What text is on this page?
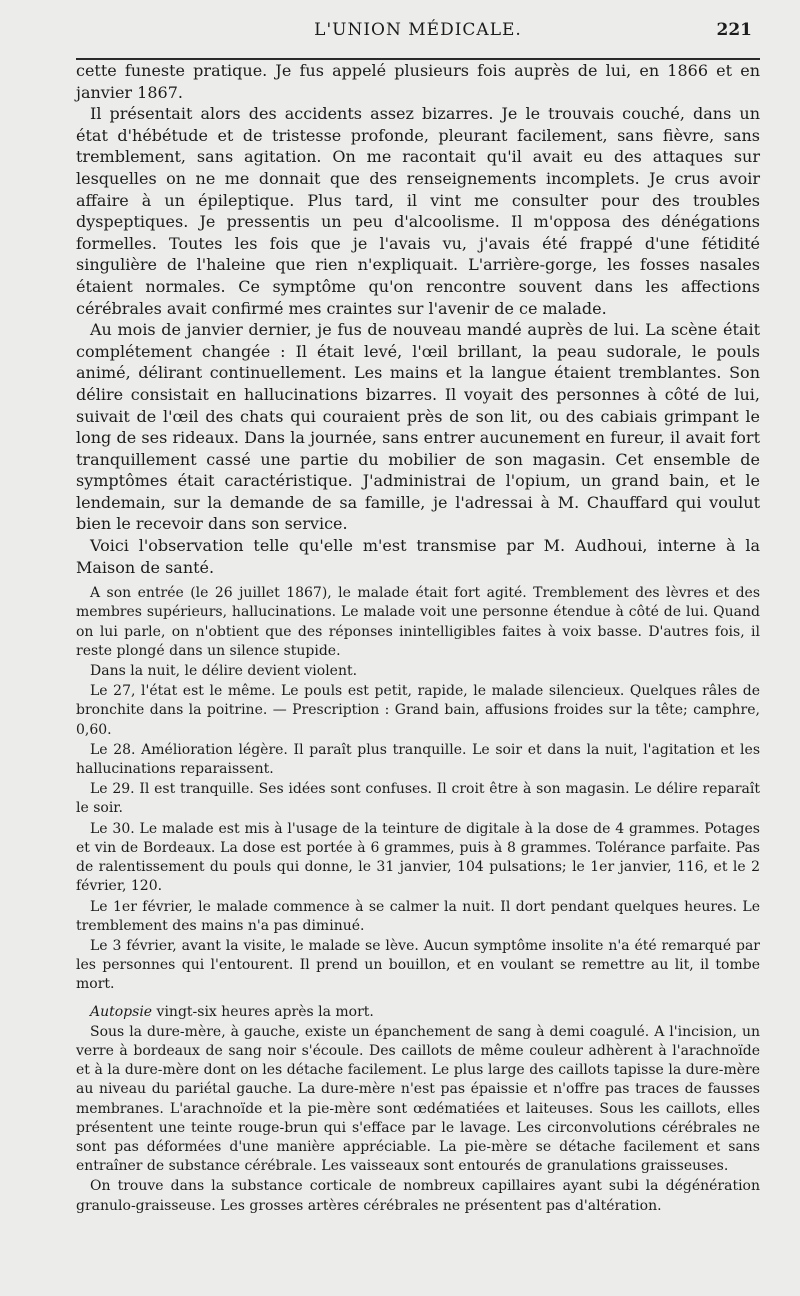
L'UNION MÉDICALE.	221

cette funeste pratique. Je fus appelé plusieurs fois auprès de lui, en 1866 et en janvier 1867.

Il présentait alors des accidents assez bizarres. Je le trouvais couché, dans un état d'hébétude et de tristesse profonde, pleurant facilement, sans fièvre, sans tremblement, sans agitation. On me racontait qu'il avait eu des attaques sur lesquelles on ne me donnait que des renseignements incomplets. Je crus avoir affaire à un épileptique. Plus tard, il vint me consulter pour des troubles dyspeptiques. Je pressentis un peu d'alcoolisme. Il m'opposa des dénégations formelles. Toutes les fois que je l'avais vu, j'avais été frappé d'une fétidité singulière de l'haleine que rien n'expliquait. L'arrière-gorge, les fosses nasales étaient normales. Ce symptôme qu'on rencontre souvent dans les affections cérébrales avait confirmé mes craintes sur l'avenir de ce malade.

Au mois de janvier dernier, je fus de nouveau mandé auprès de lui. La scène était complétement changée : Il était levé, l'œil brillant, la peau sudorale, le pouls animé, délirant continuellement. Les mains et la langue étaient tremblantes. Son délire consistait en hallucinations bizarres. Il voyait des personnes à côté de lui, suivait de l'œil des chats qui couraient près de son lit, ou des cabiais grimpant le long de ses rideaux. Dans la journée, sans entrer aucunement en fureur, il avait fort tranquillement cassé une partie du mobilier de son magasin. Cet ensemble de symptômes était caractéristique. J'administrai de l'opium, un grand bain, et le lendemain, sur la demande de sa famille, je l'adressai à M. Chauffard qui voulut bien le recevoir dans son service.

Voici l'observation telle qu'elle m'est transmise par M. Audhoui, interne à la Maison de santé.

A son entrée (le 26 juillet 1867), le malade était fort agité. Tremblement des lèvres et des membres supérieurs, hallucinations. Le malade voit une personne étendue à côté de lui. Quand on lui parle, on n'obtient que des réponses inintelligibles faites à voix basse. D'autres fois, il reste plongé dans un silence stupide.

Dans la nuit, le délire devient violent.

Le 27, l'état est le même. Le pouls est petit, rapide, le malade silencieux. Quelques râles de bronchite dans la poitrine. — Prescription : Grand bain, affusions froides sur la tête; camphre, 0,60.

Le 28. Amélioration légère. Il paraît plus tranquille. Le soir et dans la nuit, l'agitation et les hallucinations reparaissent.

Le 29. Il est tranquille. Ses idées sont confuses. Il croit être à son magasin. Le délire reparaît le soir.

Le 30. Le malade est mis à l'usage de la teinture de digitale à la dose de 4 grammes. Potages et vin de Bordeaux. La dose est portée à 6 grammes, puis à 8 grammes. Tolérance parfaite. Pas de ralentissement du pouls qui donne, le 31 janvier, 104 pulsations; le 1er janvier, 116, et le 2 février, 120.

Le 1er février, le malade commence à se calmer la nuit. Il dort pendant quelques heures. Le tremblement des mains n'a pas diminué.

Le 3 février, avant la visite, le malade se lève. Aucun symptôme insolite n'a été remarqué par les personnes qui l'entourent. Il prend un bouillon, et en voulant se remettre au lit, il tombe mort.

Autopsie vingt-six heures après la mort.

Sous la dure-mère, à gauche, existe un épanchement de sang à demi coagulé. A l'incision, un verre à bordeaux de sang noir s'écoule. Des caillots de même couleur adhèrent à l'arachnoïde et à la dure-mère dont on les détache facilement. Le plus large des caillots tapisse la dure-mère au niveau du pariétal gauche. La dure-mère n'est pas épaissie et n'offre pas traces de fausses membranes. L'arachnoïde et la pie-mère sont œdématiées et laiteuses. Sous les caillots, elles présentent une teinte rouge-brun qui s'efface par le lavage. Les circonvolutions cérébrales ne sont pas déformées d'une manière appréciable. La pie-mère se détache facilement et sans entraîner de substance cérébrale. Les vaisseaux sont entourés de granulations graisseuses.

On trouve dans la substance corticale de nombreux capillaires ayant subi la dégénération granulo-graisseuse. Les grosses artères cérébrales ne présentent pas d'altération.
